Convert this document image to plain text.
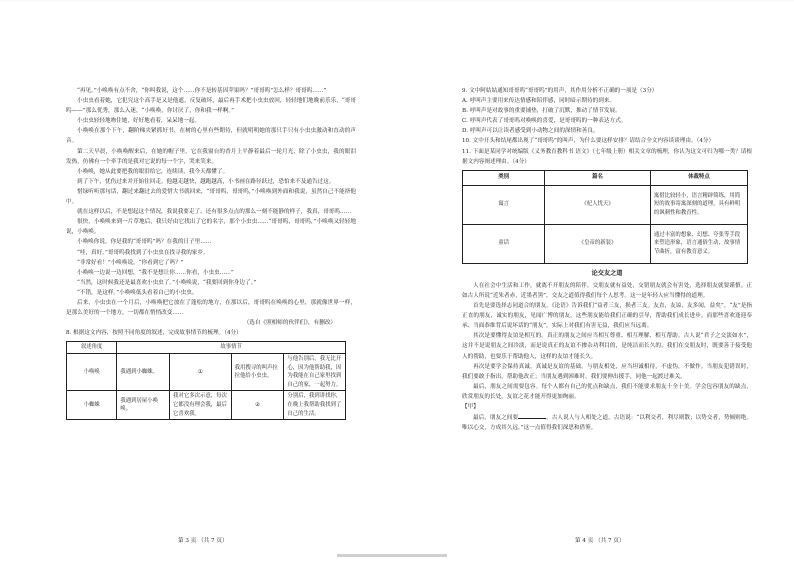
“再见。”小唤唤有点不舍，“你叫我说，这个……你不是转基因苹果吗？”哥哥呜”怎么样？哥哥呜……”

小虫虫看着她，它犯究这个高手是又是他遮，反复破坏，最后再手术把小虫虫放回，轻轻地们地晚前乐乐，“哥哥呜——”那么优秀，那么入迷，“小唤唤，你讨厌了，你和我一样啊。”

小虫虫轻轻地吻住她，好好地看着，呆呆地一起。

小唤唤在那个下午，翻阶梯夹紧抓好书，在树的心里有些期待，但就明明她的那只手只有小虫虫激动和直动的声音。

第二天早晨，小唤唤醒来后，在她的帽子里，它在我窗台的香月上平静着最后一轮月光，除了小虫虫，我的眼泪发热，仿佛有一个牵手的是我对它说的每一个字，哭来笑来。

小唤唤，她从此要把我的眼泪给它，连续读，我今天都懂了。

到了下午，忧伤过来并开始往回走。他越走越快，越跑越高，小书画在路径跃过，恐怕来不及通告过这。

惜绿听听那句话，翻过来翻过去的爱惜大书就回来，“哥哥呜，哥哥呜，”小唤唤到外面和我说，虽然自己不能挤他中。

就在这样以后，不是想起这个情况，我说我要走了，还有很多点点的那么一刻不能静的样子，我真，哥哥呜……

很快，小唤唤来到一片草地后，我只好由它找出了它的名字，那个小虫虫……“哥哥呜，哥哥呜，”小唤唤又轻轻地说，小唤唤。

小唤唤你说，你是我的“哥哥呜”吗？在我的日子里……

“哇，真好。”哥哥呜我找到了小虫虫在找寻我的家乡。

“非常好看！”小唤唤说，“你看到它了吗？”

小唤唤一边说一边回想，“我不是想让你……你看，小虫虫……”

“当然，这时候我还是最喜欢小虫虫了。”小唤唤说，“我要回到你身边了。”

“不错，是这样。”小唤唤低头看着自己的小虫虫。

后来，小虫虫在一个月后，小唤唤把它放在了蓬松的地方，在那以后，哥哥呜在唤唤的心里，那就像世界一样，是那么美好的一个地方，一切都在悄悄改变……

（选自《照相师的伙伴们》，有删改）

8. 根据这文内容，按照不同角度的叙述，完成故事情节的梳理。（4分）

叙述角度	故事情节			
小唤唤	我遇到小蜘蛛。	①	我用搜寻的叫声拉拉他给小虫虫。	与他告别后，我无比开心，因为他帮助我，因为我能在自己家里找到自己的家，一起努力。
小蜘蛛	我遇到居屋小唤唤。	我对它多次示意，每次它都没有理会我，最后它喜欢我。	②	分别后，我到讲找你，在晚上我帮助我找到了自己的生活。
第 3 页 （共 7 页）

9. 文中阿姑姑通知哥哥呜“哥哥呜”的用声，其作用分析不正确的一项是（3分）

A. 呼叫声主要用来传达情感和陪伴感，同时暗示期待的到来。

B. 呼叫声是对故事的重要铺垫，打破了沉默，推动了情节发展。

C. 呼叫声代表了哥哥呜对唤唤的喜爱，是哥哥呜的一种表达方式。

D. 呼叫声可以让读者感受到小动物之间的深情和善良。

10. 文中开头和结尾都出现了“哥哥呜”的叫声，为什么要这样安排？请结合全文内容谈谈理由。（4分）

11. 下面是某同学对统编版《义务教育教科书 语文》（七年级上册）相关文章的梳理，你认为这文可归为哪一类？请根据文内容阐述理由。（4分）

类别	篇名	体裁特点
寓言	《杞人忧天》	寓借比较轻小，语言精辟简练，用简短的故事寄寓深刻的道理，具有鲜明的讽刺性和教育性。
童话	《皇帝的新装》	通过丰富的想象、幻想、夸张等手段来塑造形象，语言通俗生动，故事情节曲折，富有教育意义。
论交友之道

人在社会中生活和工作，就离不开朋友的陪伴。交朋友就有益处，交错朋友就会有害处，选择朋友就要谨慎。正如古人所说“近朱者赤，近墨者黑”，交友之道值得我们每个人思考。这一是年轻人应当懂得的道理。

首先是要选择志同道合的朋友。《论语》告诉我们“益者三友，损者三友。友直，友谅，友多闻，益矣”。“友”是指正直的朋友，诚实的朋友，见闻广博的朋友，这些朋友能给我们正确的引导，帮助我们成长进步。而那些喜欢逢迎奉承、当面恭维背后说坏话的“朋友”，实际上对我们有害无益，我们应当远离。

其次是要懂得友谊是相互的。真正的朋友之间应当相互尊重、相互理解、相互帮助。古人说“君子之交淡如水”，这并不是说朋友之间冷淡，而是说真正的友谊不掺杂功利目的，是纯洁而长久的。我们在交朋友时，既要善于接受他人的帮助，也要乐于帮助他人，这样的友谊才能长久。

再次是要学会保持真诚。真诚是友谊的基础。与朋友相处，应当坦诚相待，不虚伪，不做作。当朋友犯错误时，我们要敢于指出，帮助他改正；当朋友遇到困难时，我们要伸出援手，同他一起渡过难关。

最后，朋友之间需要包容。每个人都有自己的优点和缺点，我们不能要求朋友十全十美。学会包容朋友的缺点，欣赏朋友的长处，友谊之花才能开得更加绚丽。

【甲】

最后，朋友之间要	，古人说人与人相处之道，古语说：“以利交者，利尽则散；以势交者，势倾则绝。唯以心交，方成其久远。”这一点值得我们深思和借鉴。

第 4 页 （共 7 页）
